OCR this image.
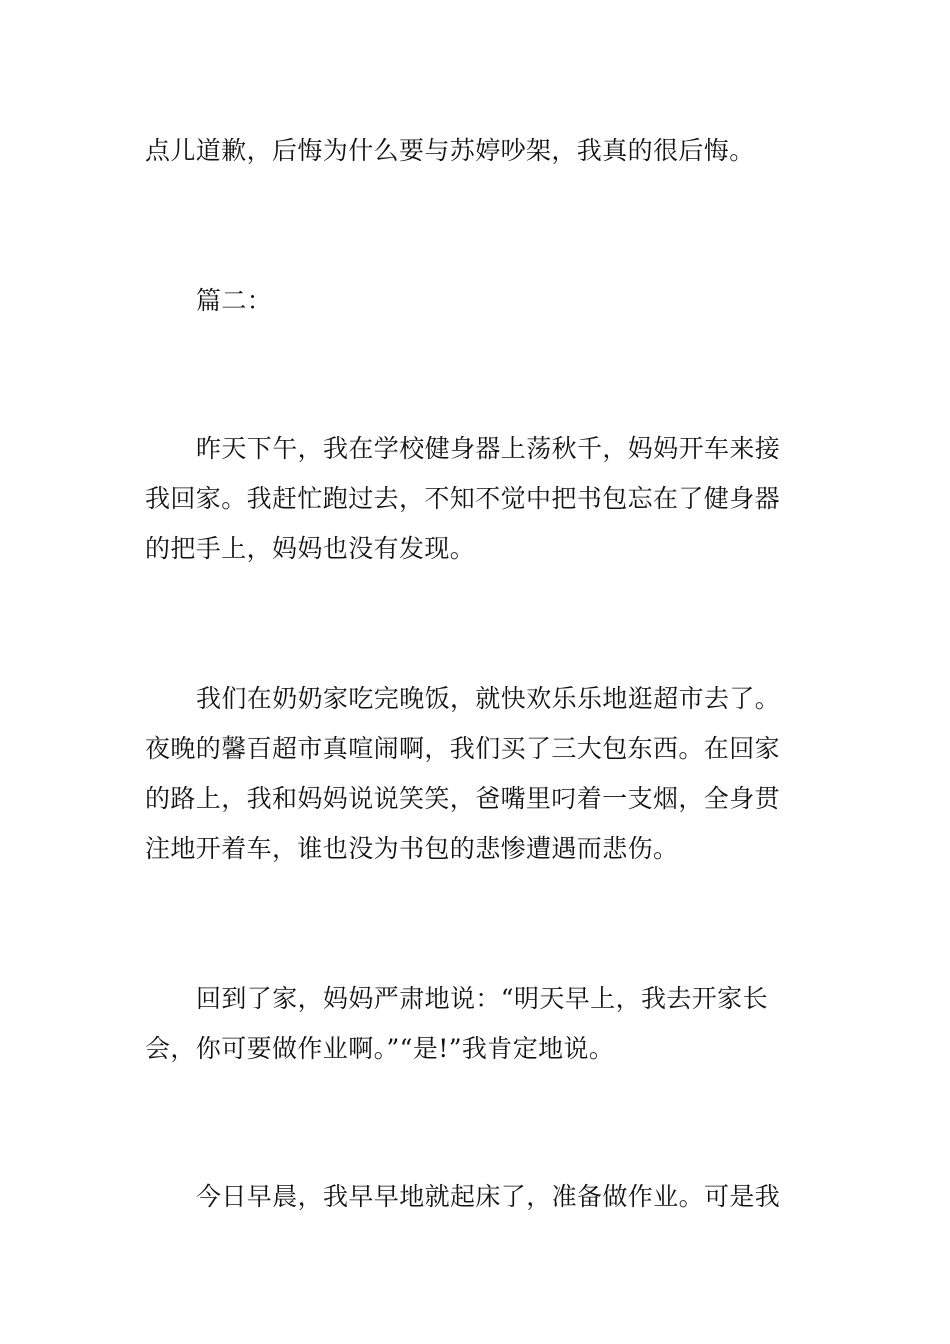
点儿道歉，后悔为什么要与苏婷吵架，我真的很后悔。
篇二：
昨天下午，我在学校健身器上荡秋千，妈妈开车来接
我回家。我赶忙跑过去，不知不觉中把书包忘在了健身器
的把手上，妈妈也没有发现。
我们在奶奶家吃完晚饭，就快欢乐乐地逛超市去了。
夜晚的馨百超市真喧闹啊，我们买了三大包东西。在回家
的路上，我和妈妈说说笑笑，爸嘴里叼着一支烟，全身贯
注地开着车，谁也没为书包的悲惨遭遇而悲伤。
回到了家，妈妈严肃地说：“明天早上，我去开家长
会，你可要做作业啊。”“是!”我肯定地说。
今日早晨，我早早地就起床了，准备做作业。可是我
